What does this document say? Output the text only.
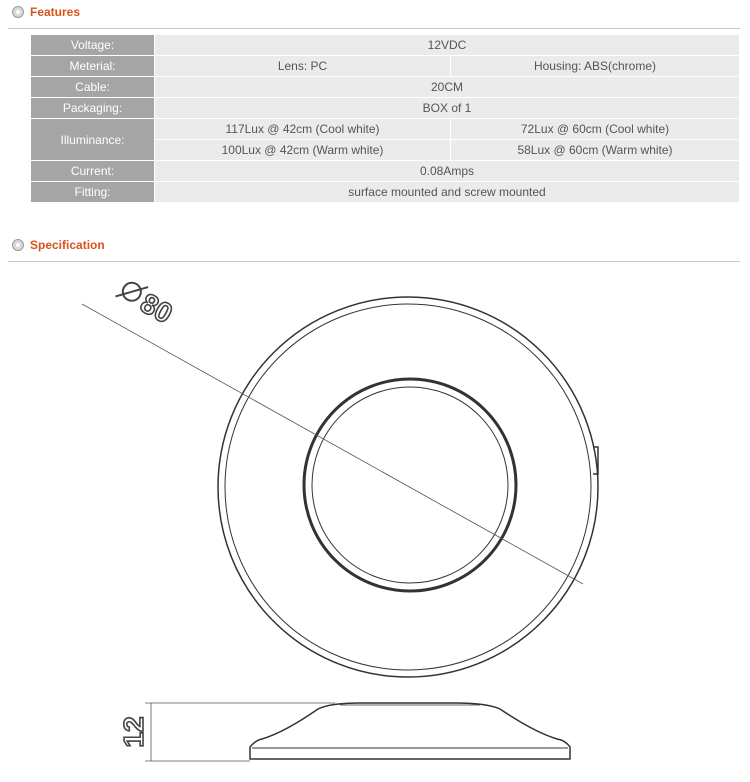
Features
Voltage:	12VDC	
Meterial:	Lens: PC	Housing: ABS(chrome)
Cable:	20CM	
Packaging:	BOX of 1	
Illuminance:	117Lux @ 42cm (Cool white)	72Lux @ 60cm (Cool white)
	100Lux @ 42cm (Warm white)	58Lux @ 60cm (Warm white)
Current:	0.08Amps	
Fitting:	surface mounted and screw mounted	
Specification
80
12
